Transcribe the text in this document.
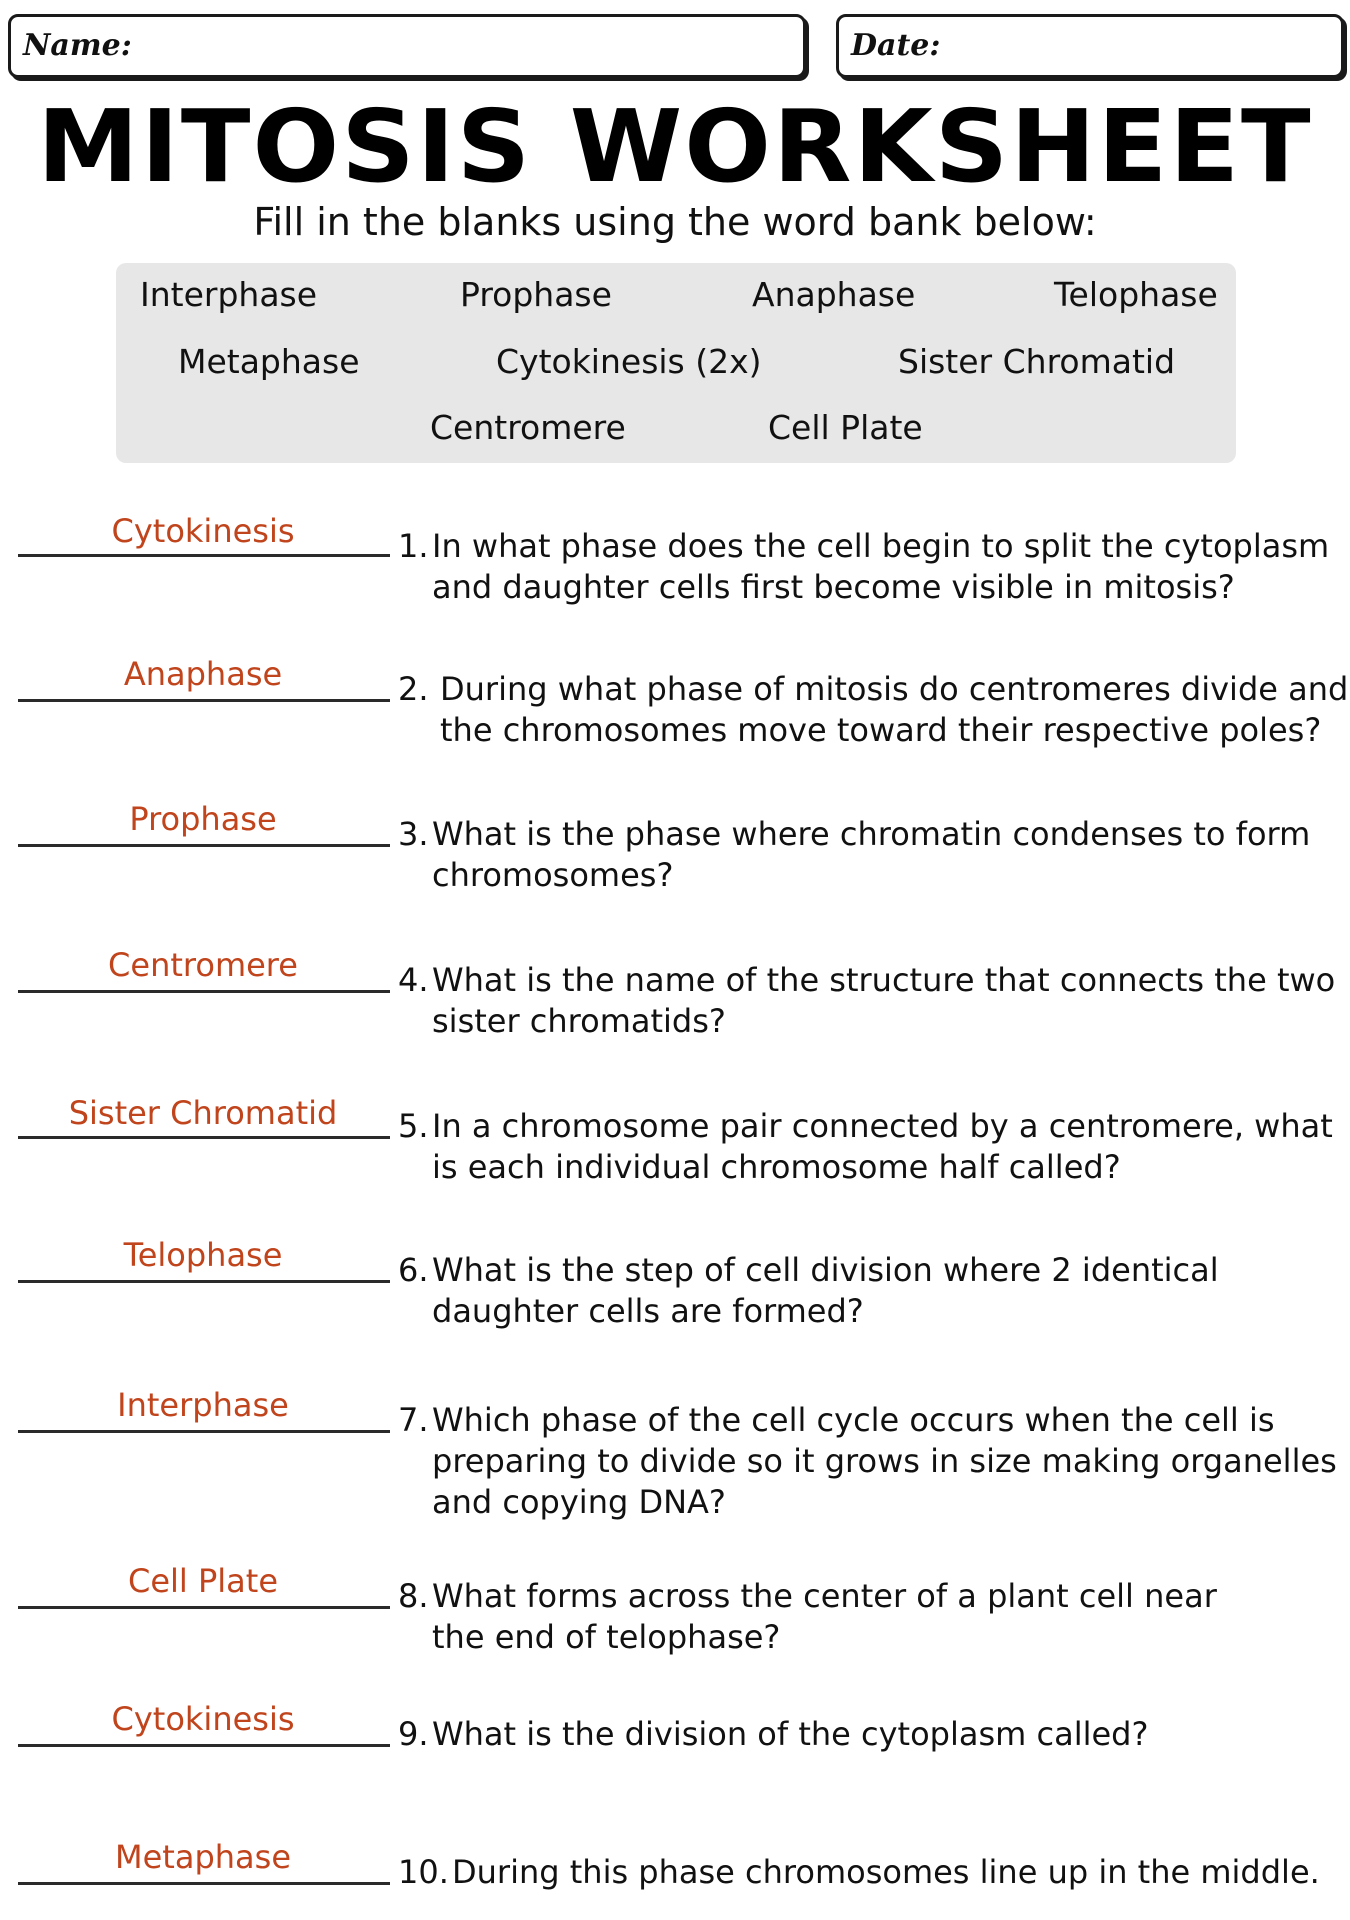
Name:	Date:
MITOSIS WORKSHEET
Fill in the blanks using the word bank below:
Interphase	Prophase	Anaphase	Telophase
Metaphase	Cytokinesis (2x)	Sister Chromatid
Centromere	Cell Plate
Cytokinesis	1. In what phase does the cell begin to split the cytoplasm
and daughter cells first become visible in mitosis?
Anaphase	2. During what phase of mitosis do centromeres divide and
the chromosomes move toward their respective poles?
Prophase	3. What is the phase where chromatin condenses to form
chromosomes?
Centromere	4. What is the name of the structure that connects the two
sister chromatids?
Sister Chromatid	5. In a chromosome pair connected by a centromere, what
is each individual chromosome half called?
Telophase	6. What is the step of cell division where 2 identical
daughter cells are formed?
Interphase	7. Which phase of the cell cycle occurs when the cell is
preparing to divide so it grows in size making organelles and copying DNA?
Cell Plate	8. What forms across the center of a plant cell near
the end of telophase?
Cytokinesis	9. What is the division of the cytoplasm called?
Metaphase	10. During this phase chromosomes line up in the middle.
